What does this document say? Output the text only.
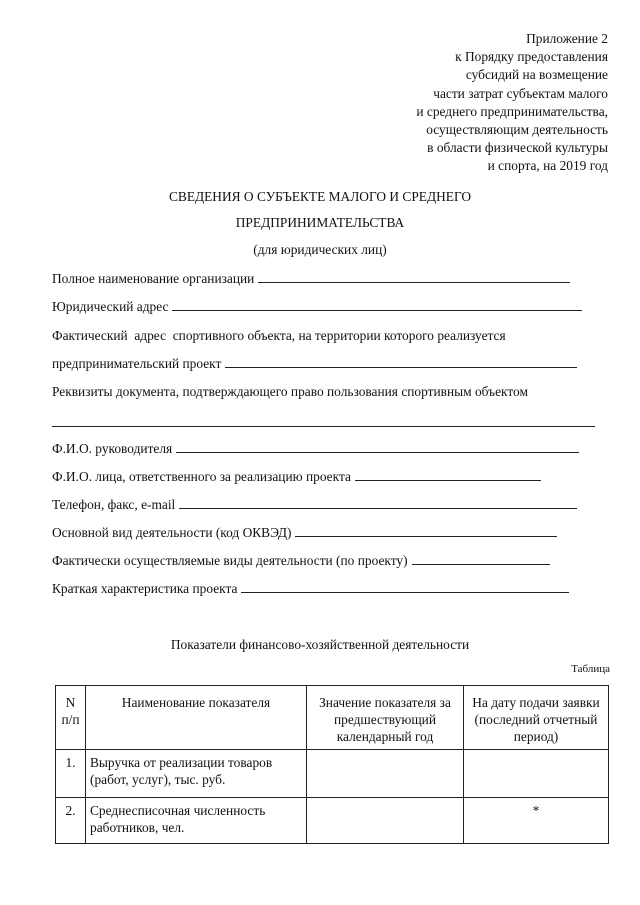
Приложение 2
к Порядку предоставления
субсидий на возмещение
части затрат субъектам малого
и среднего предпринимательства,
осуществляющим деятельность
в области физической культуры
и спорта, на 2019 год
СВЕДЕНИЯ О СУБЪЕКТЕ МАЛОГО И СРЕДНЕГО
ПРЕДПРИНИМАТЕЛЬСТВА
(для юридических лиц)
Полное наименование организации
Юридический адрес
Фактический  адрес  спортивного объекта, на территории которого реализуется
предпринимательский проект
Реквизиты документа, подтверждающего право пользования спортивным объектом
Ф.И.О. руководителя
Ф.И.О. лица, ответственного за реализацию проекта
Телефон, факс, e-mail
Основной вид деятельности (код ОКВЭД)
Фактически осуществляемые виды деятельности (по проекту)
Краткая характеристика проекта
Показатели финансово-хозяйственной деятельности
Таблица
N п/п	Наименование показателя	Значение показателя за предшествующий календарный год	На дату подачи заявки (последний отчетный период)
1.	Выручка от реализации товаров (работ, услуг), тыс. руб.		
2.	Среднесписочная численность работников, чел.		*
